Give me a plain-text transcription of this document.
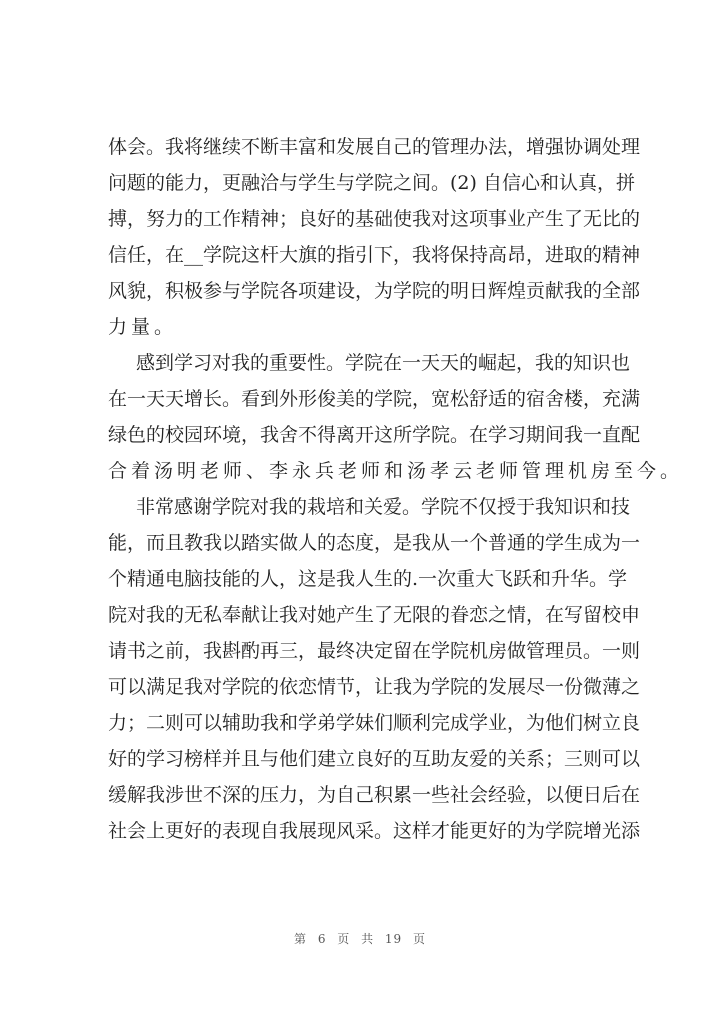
体会。我将继续不断丰富和发展自己的管理办法，增强协调处理
问题的能力，更融洽与学生与学院之间。(2) 自信心和认真，拼
搏，努力的工作精神；良好的基础使我对这项事业产生了无比的
信任，在__学院这杆大旗的指引下，我将保持高昂，进取的精神
风貌，积极参与学院各项建设，为学院的明日辉煌贡献我的全部
力量。
感到学习对我的重要性。学院在一天天的崛起，我的知识也
在一天天增长。看到外形俊美的学院，宽松舒适的宿舍楼，充满
绿色的校园环境，我舍不得离开这所学院。在学习期间我一直配
合着汤明老师、李永兵老师和汤孝云老师管理机房至今。
非常感谢学院对我的栽培和关爱。学院不仅授于我知识和技
能，而且教我以踏实做人的态度，是我从一个普通的学生成为一
个精通电脑技能的人，这是我人生的.一次重大飞跃和升华。学
院对我的无私奉献让我对她产生了无限的眷恋之情，在写留校申
请书之前，我斟酌再三，最终决定留在学院机房做管理员。一则
可以满足我对学院的依恋情节，让我为学院的发展尽一份微薄之
力；二则可以辅助我和学弟学妹们顺利完成学业，为他们树立良
好的学习榜样并且与他们建立良好的互助友爱的关系；三则可以
缓解我涉世不深的压力，为自己积累一些社会经验，以便日后在
社会上更好的表现自我展现风采。这样才能更好的为学院增光添
第 6 页 共 19 页
